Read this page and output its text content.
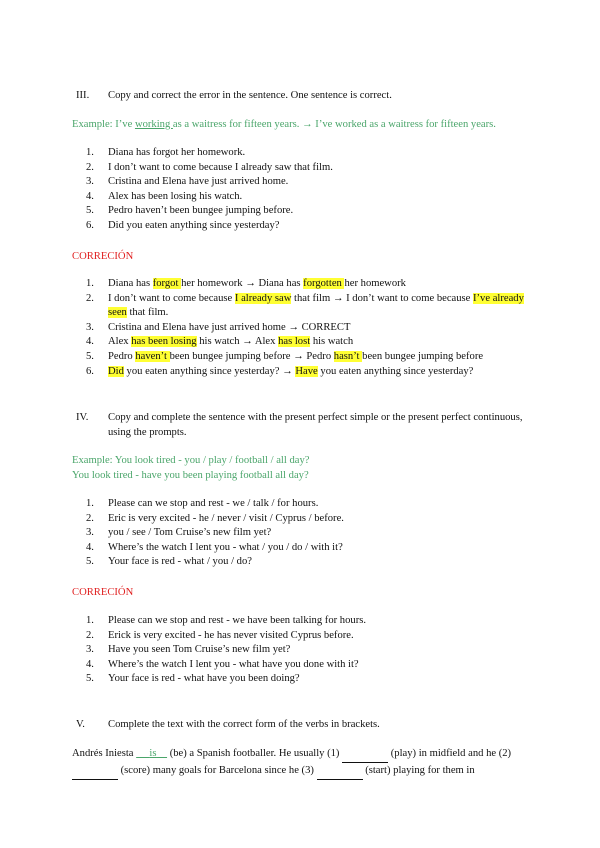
III. Copy and correct the error in the sentence. One sentence is correct.
Example: I’ve working as a waitress for fifteen years. → I’ve worked as a waitress for fifteen years.
1.	Diana has forgot her homework.
2.	I don’t want to come because I already saw that film.
3.	Cristina and Elena have just arrived home.
4.	Alex has been losing his watch.
5.	Pedro haven’t been bungee jumping before.
6.	Did you eaten anything since yesterday?
CORRECIÓN
1.	Diana has forgot her homework → Diana has forgotten her homework
2.	I don’t want to come because I already saw that film → I don’t want to come because I’ve already seen that film.
3.	Cristina and Elena have just arrived home → CORRECT
4.	Alex has been losing his watch → Alex has lost his watch
5.	Pedro haven’t been bungee jumping before → Pedro hasn’t been bungee jumping before
6.	Did you eaten anything since yesterday? → Have you eaten anything since yesterday?
IV. Copy and complete the sentence with the present perfect simple or the present perfect continuous, using the prompts.
Example: You look tired - you / play / football / all day?
You look tired - have you been playing football all day?
1.	Please can we stop and rest - we / talk / for hours.
2.	Eric is very excited - he / never / visit / Cyprus / before.
3.	you / see / Tom Cruise’s new film yet?
4.	Where’s the watch I lent you - what / you / do / with it?
5.	Your face is red - what / you / do?
CORRECIÓN
1.	Please can we stop and rest - we have been talking for hours.
2.	Erick is very excited - he has never visited Cyprus before.
3.	Have you seen Tom Cruise’s new film yet?
4.	Where’s the watch I lent you - what have you done with it?
5.	Your face is red - what have you been doing?
V. Complete the text with the correct form of the verbs in brackets.
Andrés Iniesta      is     (be) a Spanish footballer. He usually (1)	(play) in midfield and he (2)   (score) many goals for Barcelona since he (3)	(start) playing for them in
